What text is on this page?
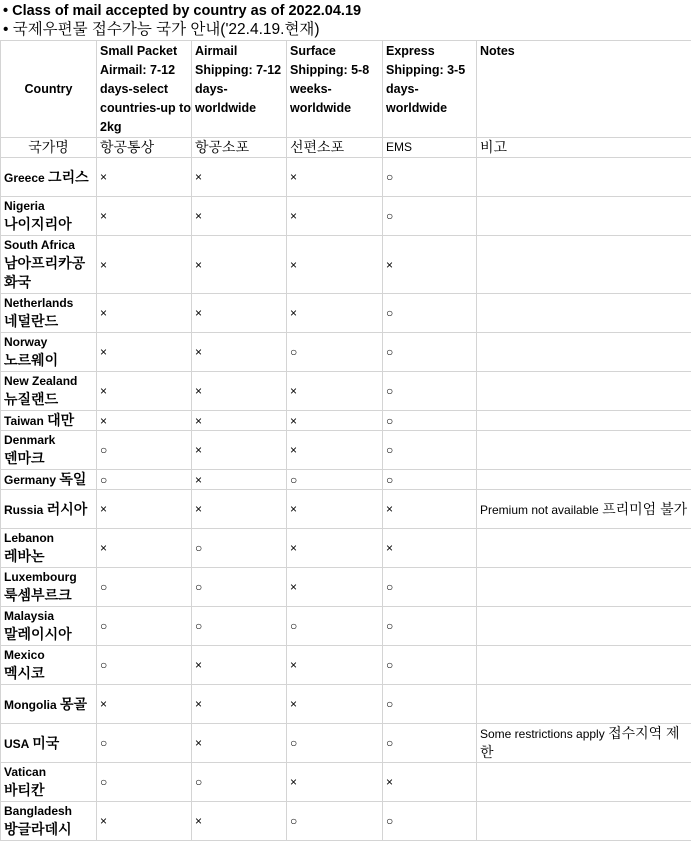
• Class of mail accepted by country as of 2022.04.19
• 국제우편물 접수가능 국가 안내('22.4.19.현재)
Country	Small Packet Airmail: 7-12 days-select countries-up to 2kg	Airmail Shipping: 7-12 days-worldwide	Surface Shipping: 5-8 weeks-worldwide	Express Shipping: 3-5 days-worldwide	Notes
국가명	항공통상	항공소포	선편소포	EMS	비고
Greece 그리스	×	×	×	○	
Nigeria
나이지리아	×	×	×	○	
South Africa
남아프리카공화국	×	×	×	×	
Netherlands
네덜란드	×	×	×	○	
Norway
노르웨이	×	×	○	○	
New Zealand
뉴질랜드	×	×	×	○	
Taiwan 대만	×	×	×	○	
Denmark
덴마크	○	×	×	○	
Germany 독일	○	×	○	○	
Russia 러시아	×	×	×	×	Premium not available 프리미엄 불가
Lebanon
레바논	×	○	×	×	
Luxembourg
룩셈부르크	○	○	×	○	
Malaysia
말레이시아	○	○	○	○	
Mexico
멕시코	○	×	×	○	
Mongolia 몽골	×	×	×	○	
USA 미국	○	×	○	○	Some restrictions apply 접수지역 제한
Vatican
바티칸	○	○	×	×	
Bangladesh
방글라데시	×	×	○	○	
